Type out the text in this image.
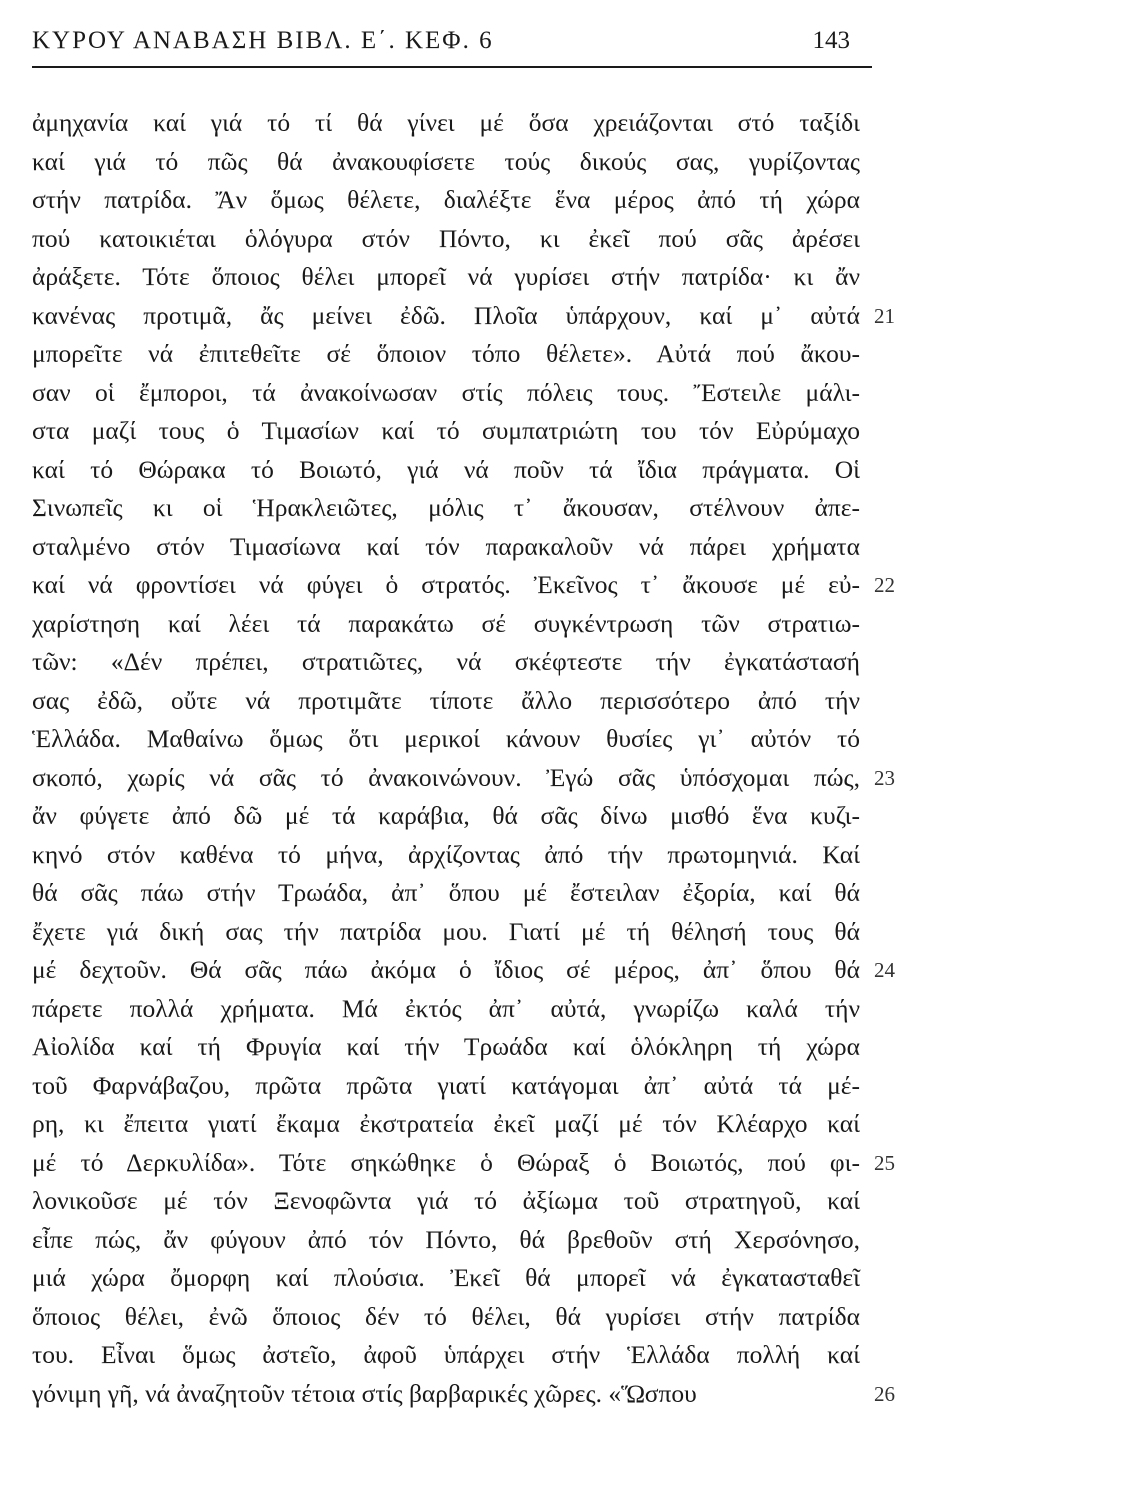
ΚΥΡΟΥ ΑΝΑΒΑΣΗ ΒΙΒΛ. Ε΄. ΚΕΦ. 6	143
ἀμηχανία καί γιά τό τί θά γίνει μέ ὅσα χρειάζονται στό ταξίδι
καί γιά τό πῶς θά ἀνακουφίσετε τούς δικούς σας, γυρίζοντας
στήν πατρίδα. Ἄν ὅμως θέλετε, διαλέξτε ἕνα μέρος ἀπό τή χώρα
πού κατοικιέται ὁλόγυρα στόν Πόντο, κι ἐκεῖ πού σᾶς ἀρέσει
ἀράξετε. Τότε ὅποιος θέλει μπορεῖ νά γυρίσει στήν πατρίδα· κι ἄν
κανένας προτιμᾶ, ἄς μείνει ἐδῶ. Πλοῖα ὑπάρχουν, καί μ᾽ αὐτά 21
μπορεῖτε νά ἐπιτεθεῖτε σέ ὅποιον τόπο θέλετε». Αὐτά πού ἄκου-
σαν οἱ ἔμποροι, τά ἀνακοίνωσαν στίς πόλεις τους. Ἔστειλε μάλι-
στα μαζί τους ὁ Τιμασίων καί τό συμπατριώτη του τόν Εὐρύμαχο
καί τό Θώρακα τό Βοιωτό, γιά νά ποῦν τά ἴδια πράγματα. Οἱ
Σινωπεῖς κι οἱ Ἡρακλειῶτες, μόλις τ᾽ ἄκουσαν, στέλνουν ἀπε-
σταλμένο στόν Τιμασίωνα καί τόν παρακαλοῦν νά πάρει χρήματα
καί νά φροντίσει νά φύγει ὁ στρατός. Ἐκεῖνος τ᾽ ἄκουσε μέ εὐ- 22
χαρίστηση καί λέει τά παρακάτω σέ συγκέντρωση τῶν στρατιω-
τῶν: «Δέν πρέπει, στρατιῶτες, νά σκέφτεστε τήν ἐγκατάστασή
σας ἐδῶ, οὔτε νά προτιμᾶτε τίποτε ἄλλο περισσότερο ἀπό τήν
Ἑλλάδα. Μαθαίνω ὅμως ὅτι μερικοί κάνουν θυσίες γι᾽ αὐτόν τό
σκοπό, χωρίς νά σᾶς τό ἀνακοινώνουν. Ἐγώ σᾶς ὑπόσχομαι πώς, 23
ἄν φύγετε ἀπό δῶ μέ τά καράβια, θά σᾶς δίνω μισθό ἕνα κυζι-
κηνό στόν καθένα τό μήνα, ἀρχίζοντας ἀπό τήν πρωτομηνιά. Καί
θά σᾶς πάω στήν Τρωάδα, ἀπ᾽ ὅπου μέ ἔστειλαν ἐξορία, καί θά
ἔχετε γιά δική σας τήν πατρίδα μου. Γιατί μέ τή θέλησή τους θά
μέ δεχτοῦν. Θά σᾶς πάω ἀκόμα ὁ ἴδιος σέ μέρος, ἀπ᾽ ὅπου θά 24
πάρετε πολλά χρήματα. Μά ἐκτός ἀπ᾽ αὐτά, γνωρίζω καλά τήν
Αἰολίδα καί τή Φρυγία καί τήν Τρωάδα καί ὁλόκληρη τή χώρα
τοῦ Φαρνάβαζου, πρῶτα πρῶτα γιατί κατάγομαι ἀπ᾽ αὐτά τά μέ-
ρη, κι ἔπειτα γιατί ἔκαμα ἐκστρατεία ἐκεῖ μαζί μέ τόν Κλέαρχο καί
μέ τό Δερκυλίδα». Τότε σηκώθηκε ὁ Θώραξ ὁ Βοιωτός, πού φι- 25
λονικοῦσε μέ τόν Ξενοφῶντα γιά τό ἀξίωμα τοῦ στρατηγοῦ, καί
εἶπε πώς, ἄν φύγουν ἀπό τόν Πόντο, θά βρεθοῦν στή Χερσόνησο,
μιά χώρα ὄμορφη καί πλούσια. Ἐκεῖ θά μπορεῖ νά ἐγκατασταθεῖ
ὅποιος θέλει, ἐνῶ ὅποιος δέν τό θέλει, θά γυρίσει στήν πατρίδα
του. Εἶναι ὅμως ἀστεῖο, ἀφοῦ ὑπάρχει στήν Ἑλλάδα πολλή καί
γόνιμη γῆ, νά ἀναζητοῦν τέτοια στίς βαρβαρικές χῶρες. «Ὥσπου	26
